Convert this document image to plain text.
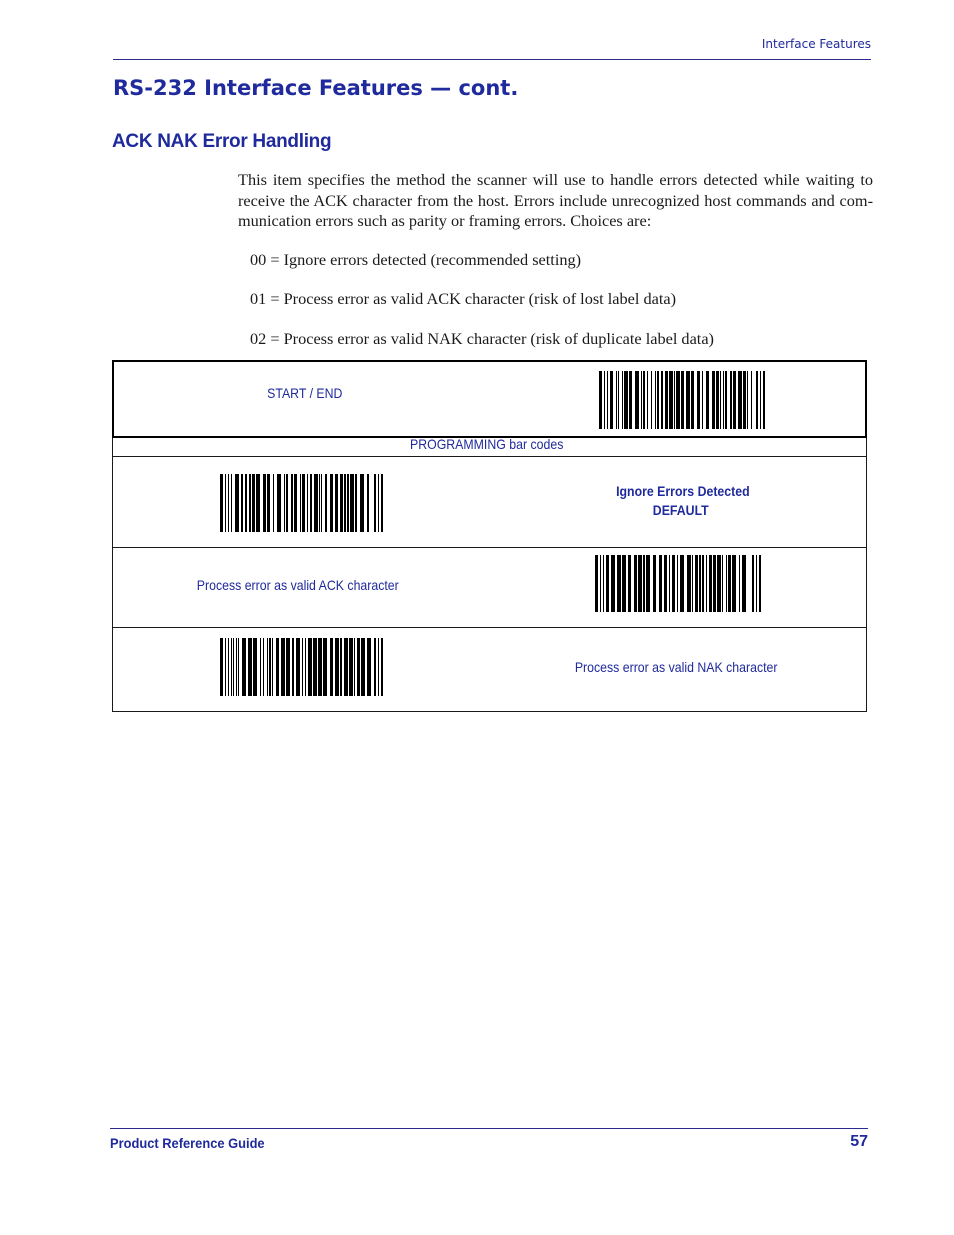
Interface Features
RS-232 Interface Features — cont.
ACK NAK Error Handling

This item specifies the method the scanner will use to handle errors detected while waiting to receive the ACK character from the host. Errors include unrecognized host commands and com-munication errors such as parity or framing errors. Choices are:

00 = Ignore errors detected (recommended setting)

01 = Process error as valid ACK character (risk of lost label data)

02 = Process error as valid NAK character (risk of duplicate label data)

START / END
PROGRAMMING bar codes
Ignore Errors Detected
DEFAULT
Process error as valid ACK character
Process error as valid NAK character
Product Reference Guide	57
